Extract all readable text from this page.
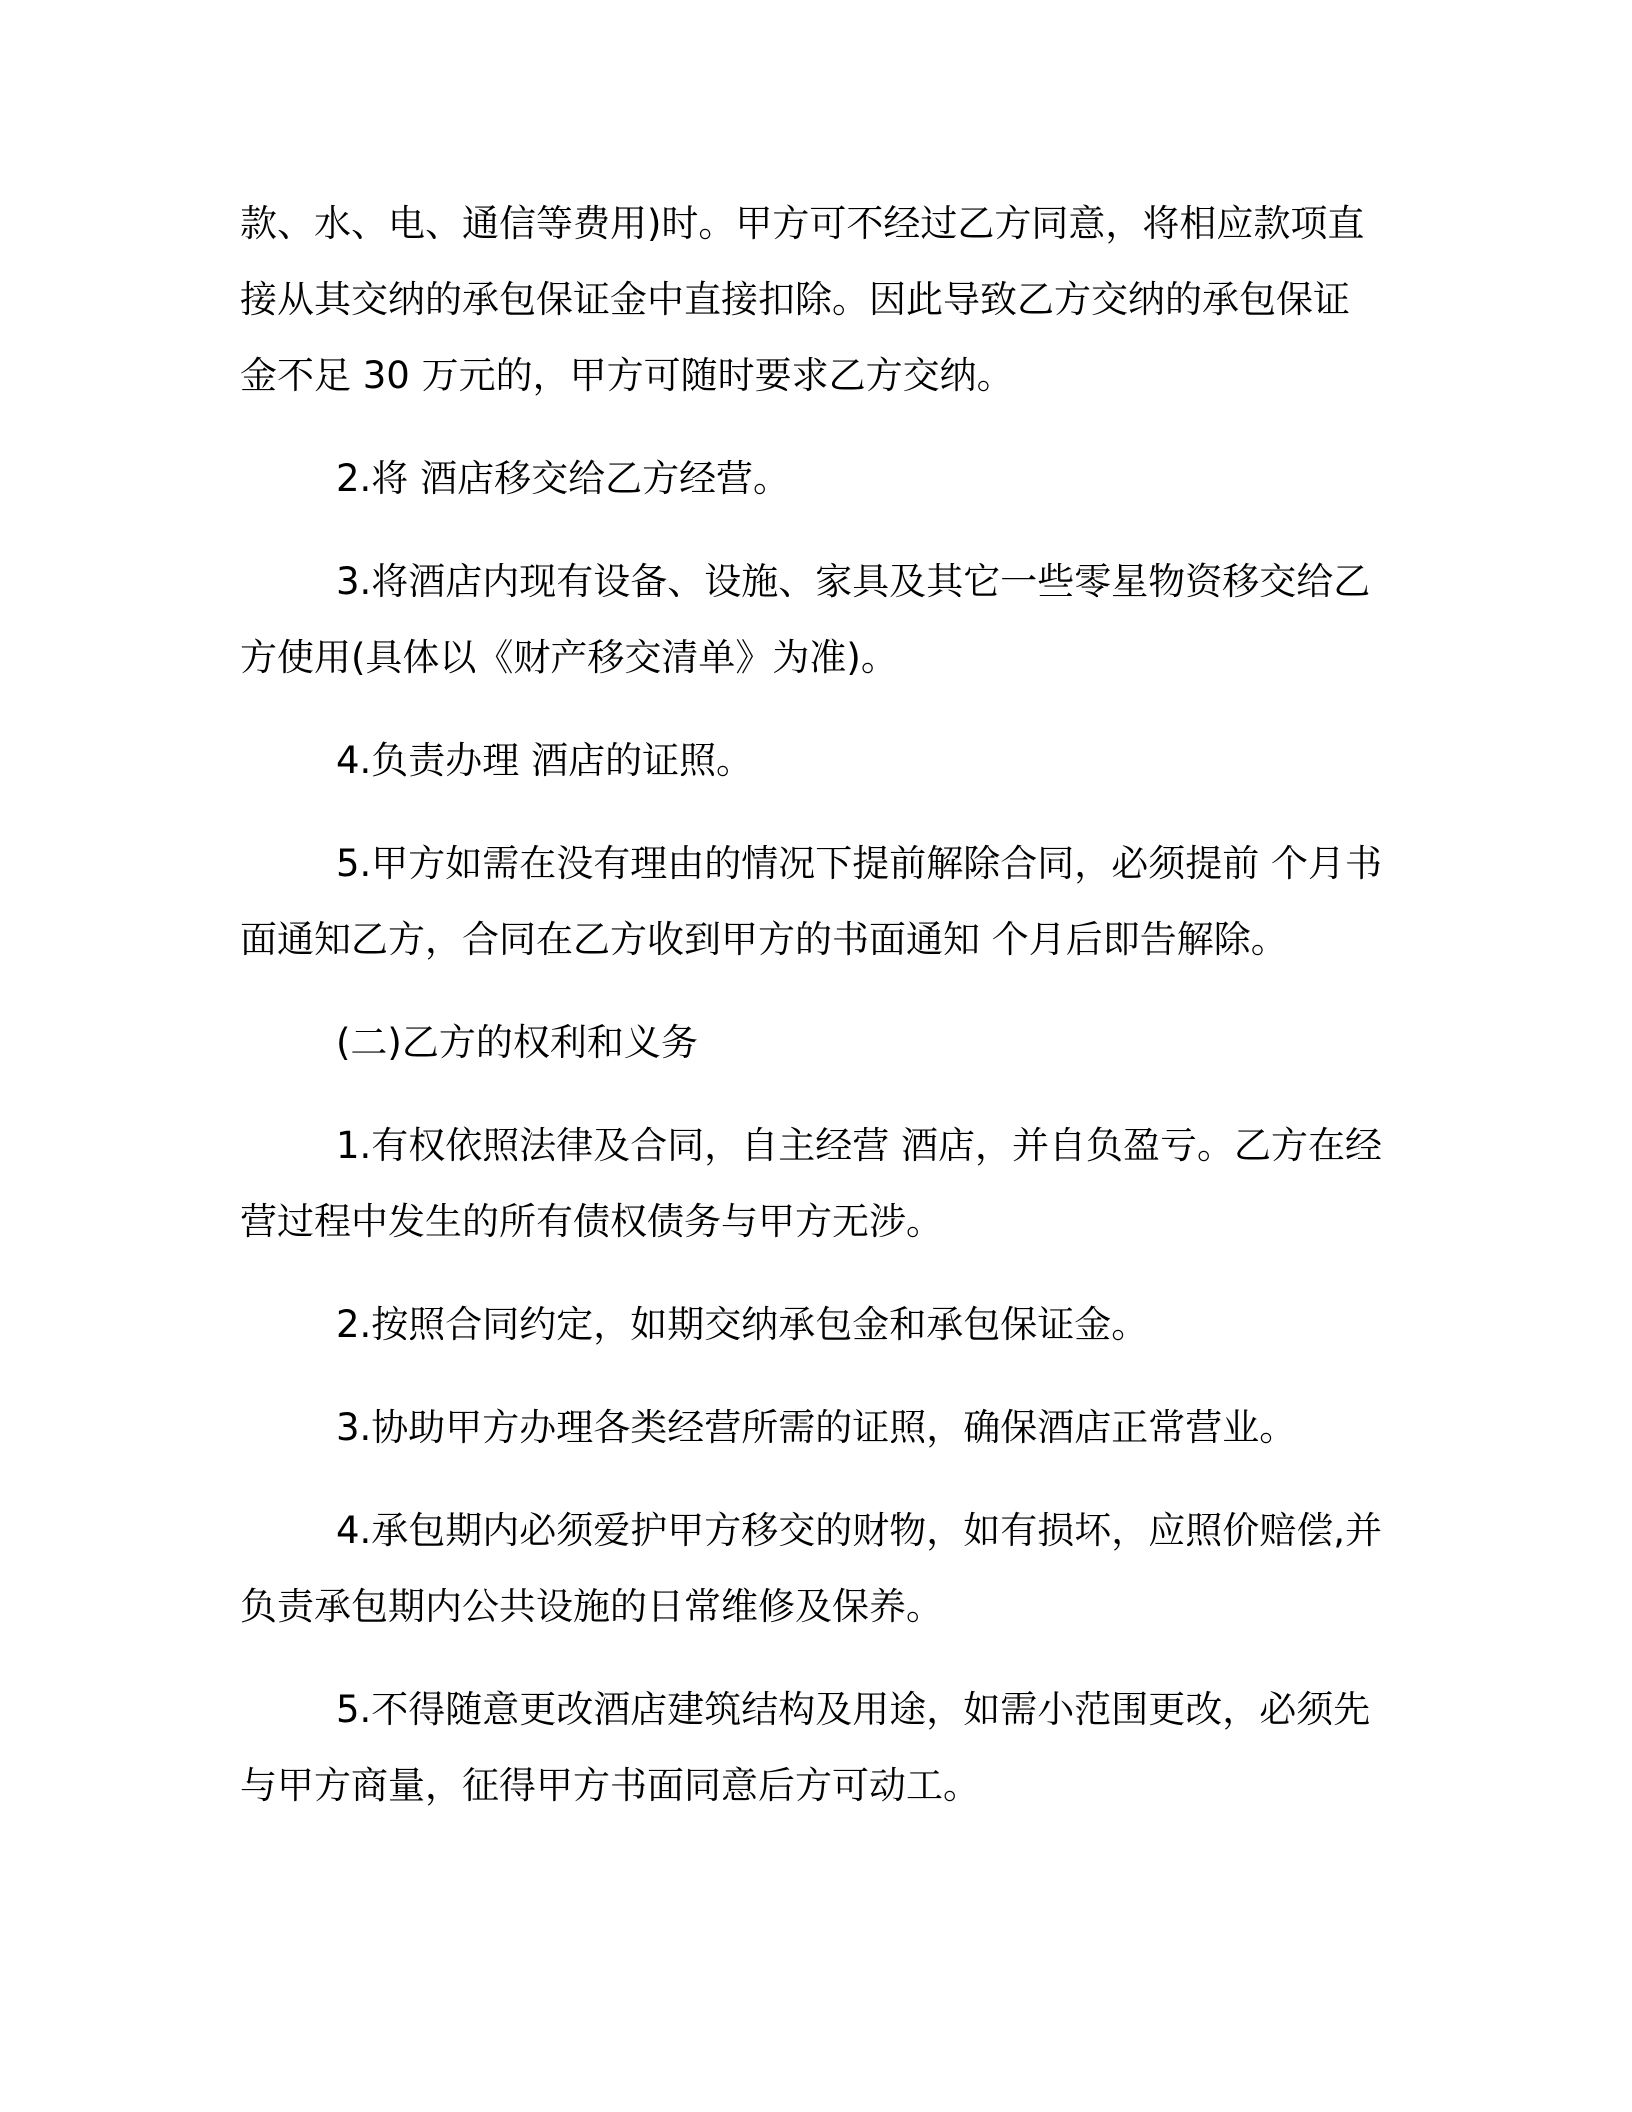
款、水、电、通信等费用)时。甲方可不经过乙方同意，将相应款项直
接从其交纳的承包保证金中直接扣除。因此导致乙方交纳的承包保证
金不足 30 万元的，甲方可随时要求乙方交纳。

2.将 酒店移交给乙方经营。

3.将酒店内现有设备、设施、家具及其它一些零星物资移交给乙
方使用(具体以《财产移交清单》为准)。

4.负责办理 酒店的证照。

5.甲方如需在没有理由的情况下提前解除合同，必须提前 个月书
面通知乙方，合同在乙方收到甲方的书面通知 个月后即告解除。

(二)乙方的权利和义务

1.有权依照法律及合同，自主经营 酒店，并自负盈亏。乙方在经
营过程中发生的所有债权债务与甲方无涉。

2.按照合同约定，如期交纳承包金和承包保证金。

3.协助甲方办理各类经营所需的证照，确保酒店正常营业。

4.承包期内必须爱护甲方移交的财物，如有损坏，应照价赔偿,并
负责承包期内公共设施的日常维修及保养。

5.不得随意更改酒店建筑结构及用途，如需小范围更改，必须先
与甲方商量，征得甲方书面同意后方可动工。
